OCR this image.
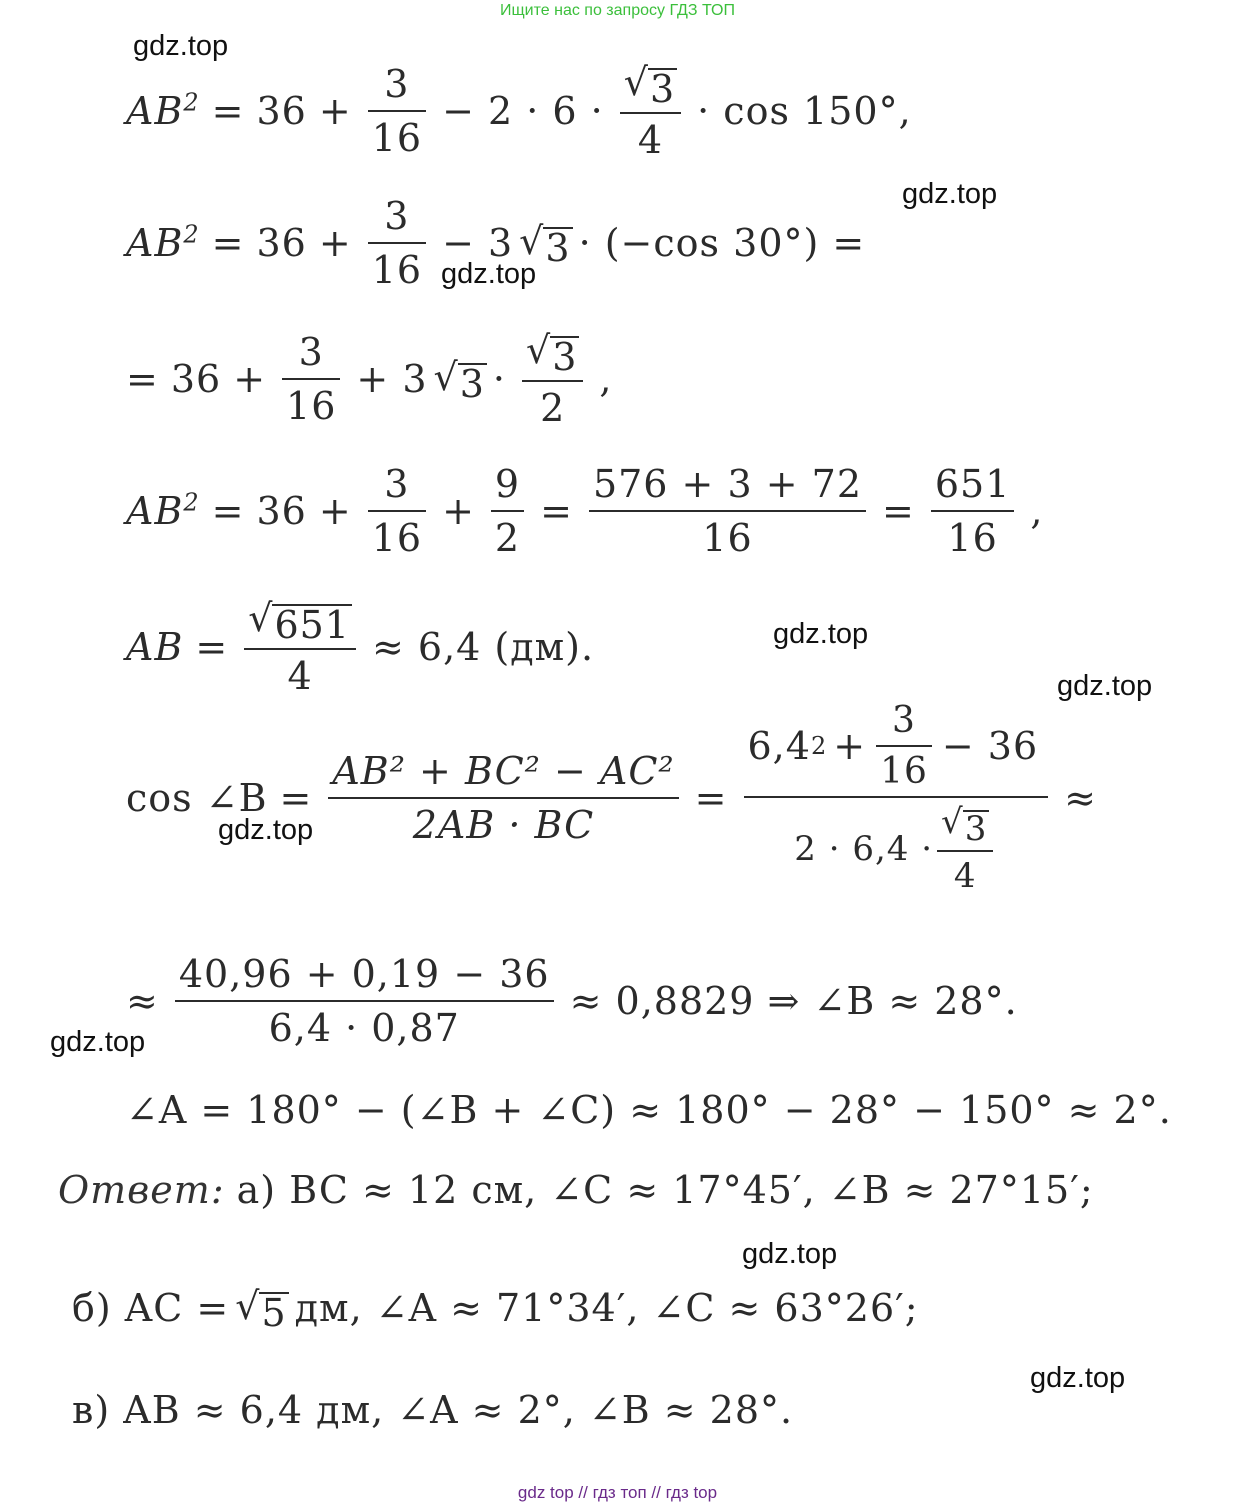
Ищите нас по запросу ГДЗ ТОП
gdz.top
gdz.top
gdz.top
gdz.top
gdz.top
gdz.top
gdz.top
gdz.top
gdz.top
$AB^2 = 36 + \frac{3}{16} - 2 \cdot 6 \cdot \frac{√ 3}{4} \cdot \cos 150^\circ$,
$AB^2 = 36 + \frac{3}{16} - 3$ √ 3 · (−cos 30°) =
= $36 + \frac{3}{16} + 3$ √ $3 \cdot \frac{√ 3}{2}$ ,
$AB^2 = 36 + \frac{3}{16} + \frac{9}{2} = \frac{576 + 3 + 72}{16} = \frac{651}{16}$ ,
AB = $\frac{√ 651}{4} \approx 6,4$ (дм).
cos ∠B = $\frac{\text{AB² + BC² − AC²}}{2AB \cdot BC} = \frac{6,4 2 + \frac{3}{16} - 36}{2 \cdot 6,4 \cdot \frac{√ 3}{4}}$ ≈
≈ $\frac{40,96 + 0,19 - 36}{6,4 \cdot 0,87} \approx 0,8829$ ⇒ ∠B ≈ 28°.
∠A = 180° − (∠B + ∠C) ≈ 180° − 28° − 150° ≈ 2°.
Ответ: а) BC ≈ 12 см, ∠C ≈ 17°45′, ∠B ≈ 27°15′;
б) AC = √ 5 дм, ∠A ≈ 71°34′, ∠C ≈ 63°26′;
в) AB ≈ 6,4 дм, ∠A ≈ 2°, ∠B ≈ 28°.
gdz top // гдз топ // гдз top
